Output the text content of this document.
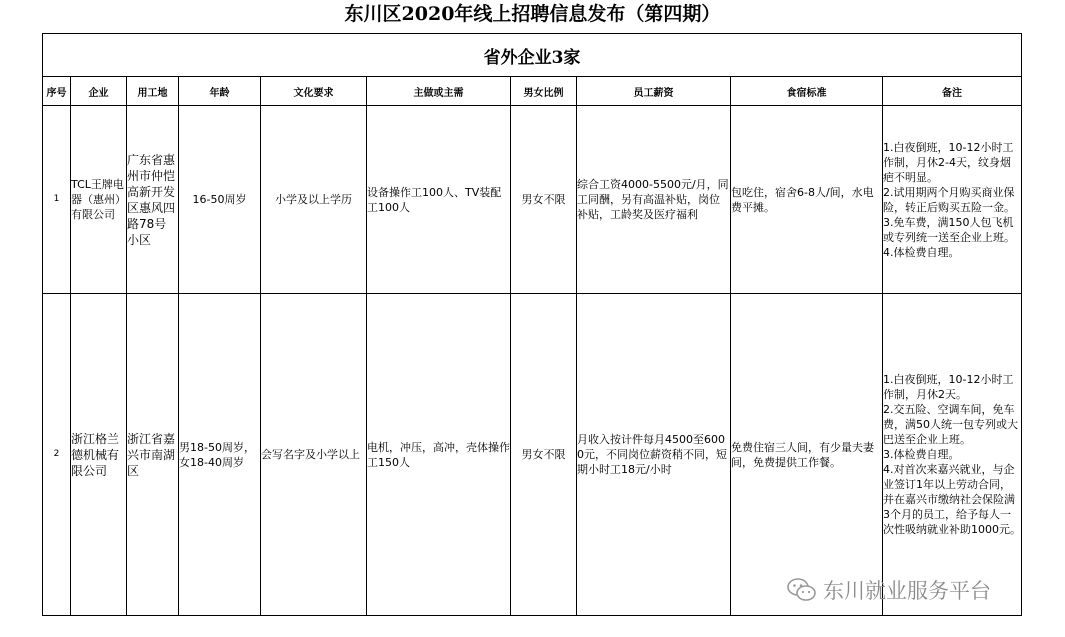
东川区2020年线上招聘信息发布（第四期）
省外企业3家									
序号	企业	用工地	年龄	文化要求	主做或主需	男女比例	员工薪资	食宿标准	备注
1	TCL王牌电器（惠州）有限公司	广东省惠州市仲恺高新开发区惠风四路78号小区	16-50周岁	小学及以上学历	设备操作工100人、TV装配工100人	男女不限	综合工资4000-5500元/月，同工同酬，另有高温补贴，岗位补贴，工龄奖及医疗福利	包吃住，宿舍6-8人/间，水电费平摊。	1.白夜倒班，10-12小时工作制，月休2-4天，纹身烟疤不明显。
2.试用期两个月购买商业保险，转正后购买五险一金。
3.免车费，满150人包飞机或专列统一送至企业上班。
4.体检费自理。

2	浙江格兰德机械有限公司	浙江省嘉兴市南湖区	男18-50周岁，女18-40周岁	会写名字及小学以上	电机，冲压，高冲，壳体操作工150人	男女不限	月收入按计件每月4500至6000元，不同岗位薪资稍不同，短期小时工18元/小时	免费住宿三人间，有少量夫妻间，免费提供工作餐。	1.白夜倒班，10-12小时工作制，月休2天。
2.交五险、空调车间，免车费，满50人统一包专列或大巴送至企业上班。
3.体检费自理。
4.对首次来嘉兴就业，与企业签订1年以上劳动合同，并在嘉兴市缴纳社会保险满3个月的员工，给予每人一次性吸纳就业补助1000元。
东川就业服务平台
